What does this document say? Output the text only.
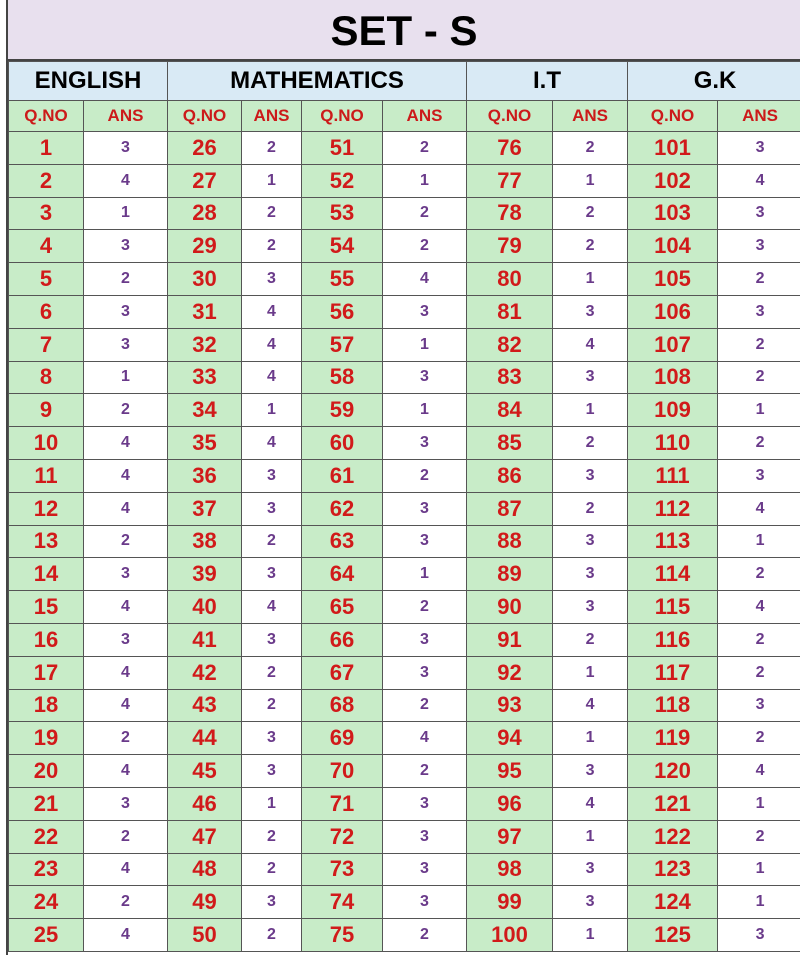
SET - S
ENGLISH		MATHEMATICS				I.T		G.K	
Q.NO	ANS	Q.NO	ANS	Q.NO	ANS	Q.NO	ANS	Q.NO	ANS
1	3	26	2	51	2	76	2	101	3
2	4	27	1	52	1	77	1	102	4
3	1	28	2	53	2	78	2	103	3
4	3	29	2	54	2	79	2	104	3
5	2	30	3	55	4	80	1	105	2
6	3	31	4	56	3	81	3	106	3
7	3	32	4	57	1	82	4	107	2
8	1	33	4	58	3	83	3	108	2
9	2	34	1	59	1	84	1	109	1
10	4	35	4	60	3	85	2	110	2
11	4	36	3	61	2	86	3	111	3
12	4	37	3	62	3	87	2	112	4
13	2	38	2	63	3	88	3	113	1
14	3	39	3	64	1	89	3	114	2
15	4	40	4	65	2	90	3	115	4
16	3	41	3	66	3	91	2	116	2
17	4	42	2	67	3	92	1	117	2
18	4	43	2	68	2	93	4	118	3
19	2	44	3	69	4	94	1	119	2
20	4	45	3	70	2	95	3	120	4
21	3	46	1	71	3	96	4	121	1
22	2	47	2	72	3	97	1	122	2
23	4	48	2	73	3	98	3	123	1
24	2	49	3	74	3	99	3	124	1
25	4	50	2	75	2	100	1	125	3
